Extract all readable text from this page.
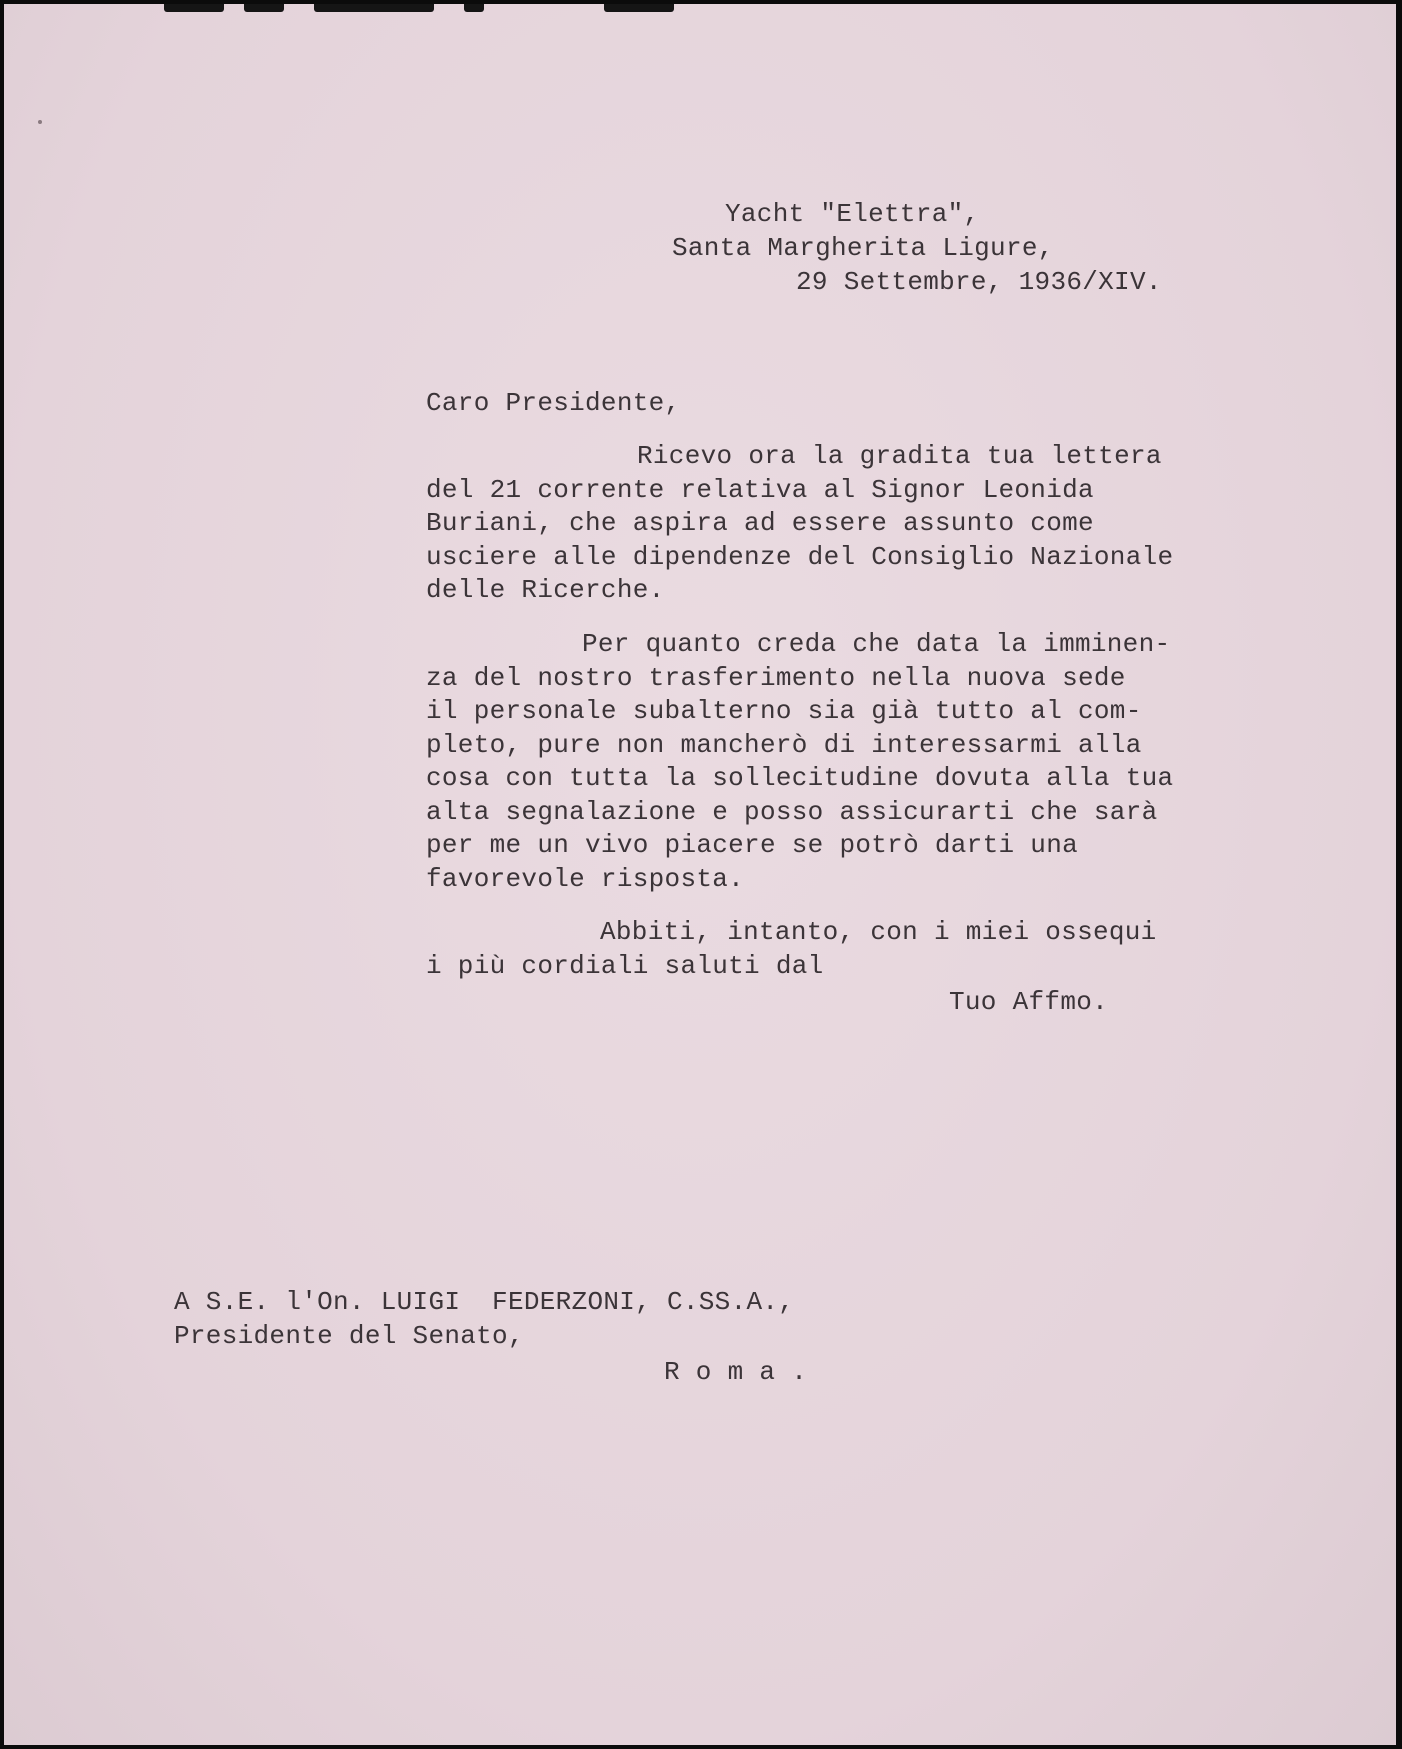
Yacht "Elettra",

Santa Margherita Ligure,

29 Settembre, 1936/XIV.

Caro Presidente,

Ricevo ora la gradita tua lettera

del 21 corrente relativa al Signor Leonida

Buriani, che aspira ad essere assunto come

usciere alle dipendenze del Consiglio Nazionale

delle Ricerche.

Per quanto creda che data la imminen-

za del nostro trasferimento nella nuova sede

il personale subalterno sia già tutto al com-

pleto, pure non mancherò di interessarmi alla

cosa con tutta la sollecitudine dovuta alla tua

alta segnalazione e posso assicurarti che sarà

per me un vivo piacere se potrò darti una

favorevole risposta.

Abbiti, intanto, con i miei ossequi

i più cordiali saluti dal

Tuo Affmo.

A S.E. l'On. LUIGI  FEDERZONI, C.SS.A.,

Presidente del Senato,

R o m a .
